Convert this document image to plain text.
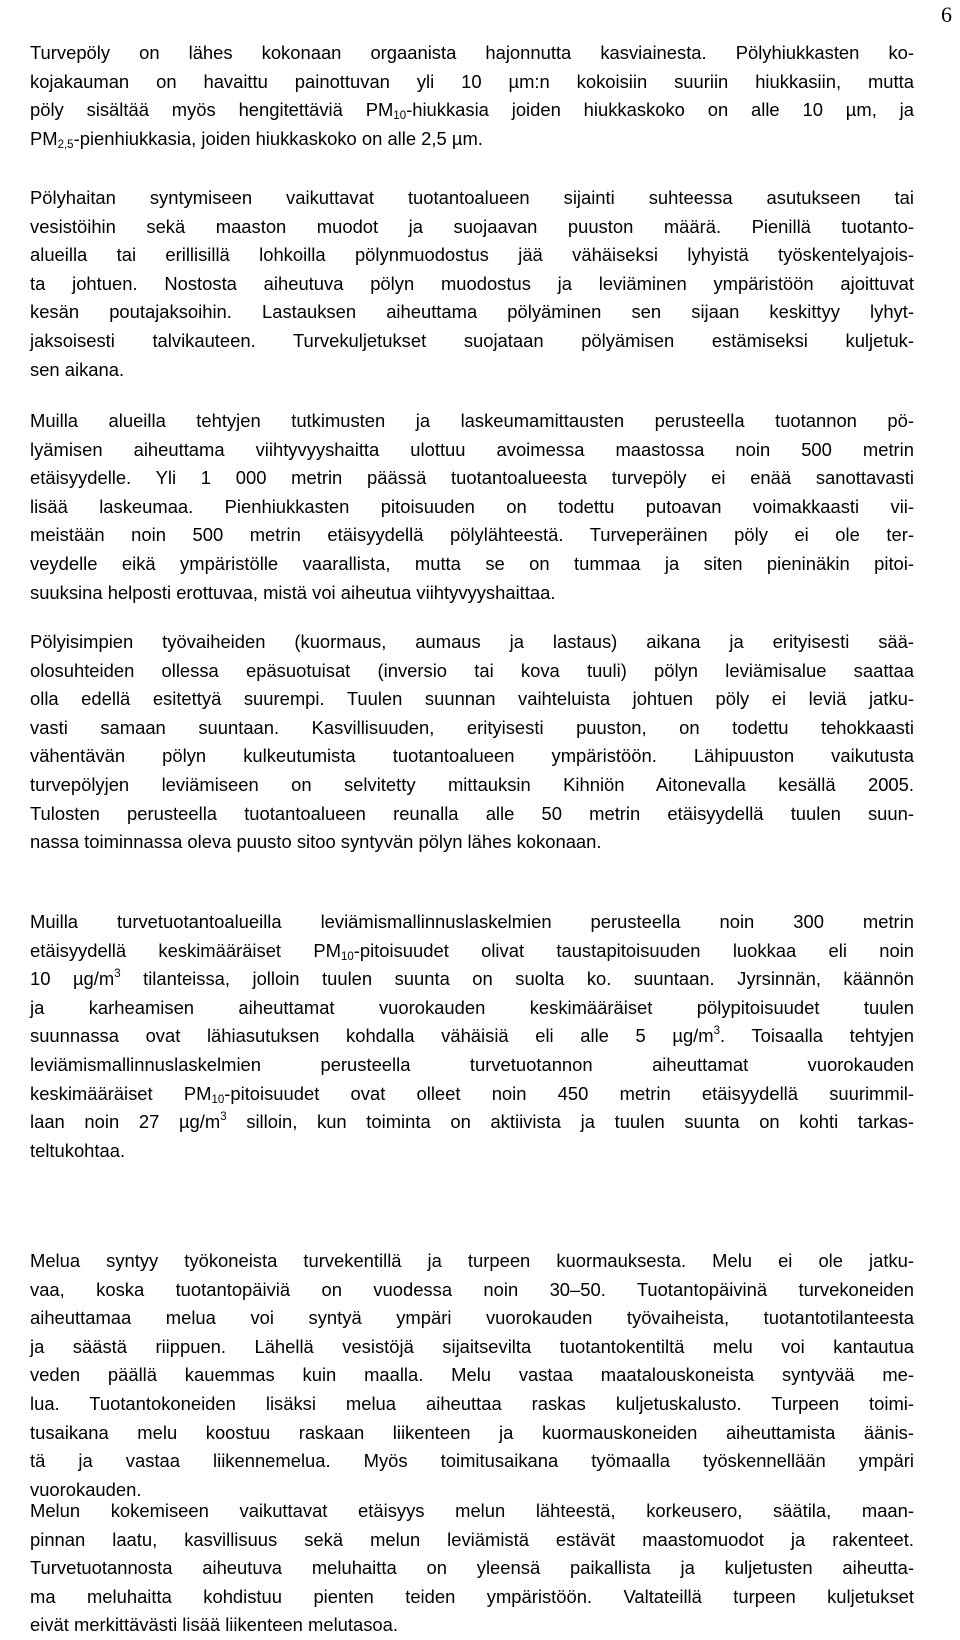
6
Turvepöly on lähes kokonaan orgaanista hajonnutta kasviainesta. Pölyhiukkasten ko-
kojakauman on havaittu painottuvan yli 10 µm:n kokoisiin suuriin hiukkasiin, mutta
pöly sisältää myös hengitettäviä $PM_{10}$-hiukkasia joiden hiukkaskoko on alle 10 µm, ja
$PM_{2,5}$-pienhiukkasia, joiden hiukkaskoko on alle 2,5 µm.
Pölyhaitan syntymiseen vaikuttavat tuotantoalueen sijainti suhteessa asutukseen tai
vesistöihin sekä maaston muodot ja suojaavan puuston määrä. Pienillä tuotanto-
alueilla tai erillisillä lohkoilla pölynmuodostus jää vähäiseksi lyhyistä työskentelyajois-
ta johtuen. Nostosta aiheutuva pölyn muodostus ja leviäminen ympäristöön ajoittuvat
kesän poutajaksoihin. Lastauksen aiheuttama pölyäminen sen sijaan keskittyy lyhyt-
jaksoisesti talvikauteen. Turvekuljetukset suojataan pölyämisen estämiseksi kuljetuk-
sen aikana.
Muilla alueilla tehtyjen tutkimusten ja laskeumamittausten perusteella tuotannon pö-
lyämisen aiheuttama viihtyvyyshaitta ulottuu avoimessa maastossa noin 500 metrin
etäisyydelle. Yli 1 000 metrin päässä tuotantoalueesta turvepöly ei enää sanottavasti
lisää laskeumaa. Pienhiukkasten pitoisuuden on todettu putoavan voimakkaasti vii-
meistään noin 500 metrin etäisyydellä pölylähteestä. Turveperäinen pöly ei ole ter-
veydelle eikä ympäristölle vaarallista, mutta se on tummaa ja siten pieninäkin pitoi-
suuksina helposti erottuvaa, mistä voi aiheutua viihtyvyyshaittaa.
Pölyisimpien työvaiheiden (kuormaus, aumaus ja lastaus) aikana ja erityisesti sää-
olosuhteiden ollessa epäsuotuisat (inversio tai kova tuuli) pölyn leviämisalue saattaa
olla edellä esitettyä suurempi. Tuulen suunnan vaihteluista johtuen pöly ei leviä jatku-
vasti samaan suuntaan. Kasvillisuuden, erityisesti puuston, on todettu tehokkaasti
vähentävän pölyn kulkeutumista tuotantoalueen ympäristöön. Lähipuuston vaikutusta
turvepölyjen leviämiseen on selvitetty mittauksin Kihniön Aitonevalla kesällä 2005.
Tulosten perusteella tuotantoalueen reunalla alle 50 metrin etäisyydellä tuulen suun-
nassa toiminnassa oleva puusto sitoo syntyvän pölyn lähes kokonaan.
Muilla turvetuotantoalueilla leviämismallinnuslaskelmien perusteella noin 300 metrin
etäisyydellä keskimääräiset $PM_{10}$-pitoisuudet olivat taustapitoisuuden luokkaa eli noin
10 $\mu g/m^3$ tilanteissa, jolloin tuulen suunta on suolta ko. suuntaan. Jyrsinnän, käännön
ja karheamisen aiheuttamat vuorokauden keskimääräiset pölypitoisuudet tuulen
suunnassa ovat lähiasutuksen kohdalla vähäisiä eli alle 5 $\mu g/m^3$. Toisaalla tehtyjen
leviämismallinnuslaskelmien perusteella turvetuotannon aiheuttamat vuorokauden
keskimääräiset $PM_{10}$-pitoisuudet ovat olleet noin 450 metrin etäisyydellä suurimmil-
laan noin 27 $\mu g/m^3$ silloin, kun toiminta on aktiivista ja tuulen suunta on kohti tarkas-
teltukohtaa.
Melua syntyy työkoneista turvekentillä ja turpeen kuormauksesta. Melu ei ole jatku-
vaa, koska tuotantopäiviä on vuodessa noin 30–50. Tuotantopäivinä turvekoneiden
aiheuttamaa melua voi syntyä ympäri vuorokauden työvaiheista, tuotantotilanteesta
ja säästä riippuen. Lähellä vesistöjä sijaitsevilta tuotantokentiltä melu voi kantautua
veden päällä kauemmas kuin maalla. Melu vastaa maatalouskoneista syntyvää me-
lua. Tuotantokoneiden lisäksi melua aiheuttaa raskas kuljetuskalusto. Turpeen toimi-
tusaikana melu koostuu raskaan liikenteen ja kuormauskoneiden aiheuttamista äänis-
tä ja vastaa liikennemelua. Myös toimitusaikana työmaalla työskennellään ympäri
vuorokauden.
Melun kokemiseen vaikuttavat etäisyys melun lähteestä, korkeusero, säätila, maan-
pinnan laatu, kasvillisuus sekä melun leviämistä estävät maastomuodot ja rakenteet.
Turvetuotannosta aiheutuva meluhaitta on yleensä paikallista ja kuljetusten aiheutta-
ma meluhaitta kohdistuu pienten teiden ympäristöön. Valtateillä turpeen kuljetukset
eivät merkittävästi lisää liikenteen melutasoa.
